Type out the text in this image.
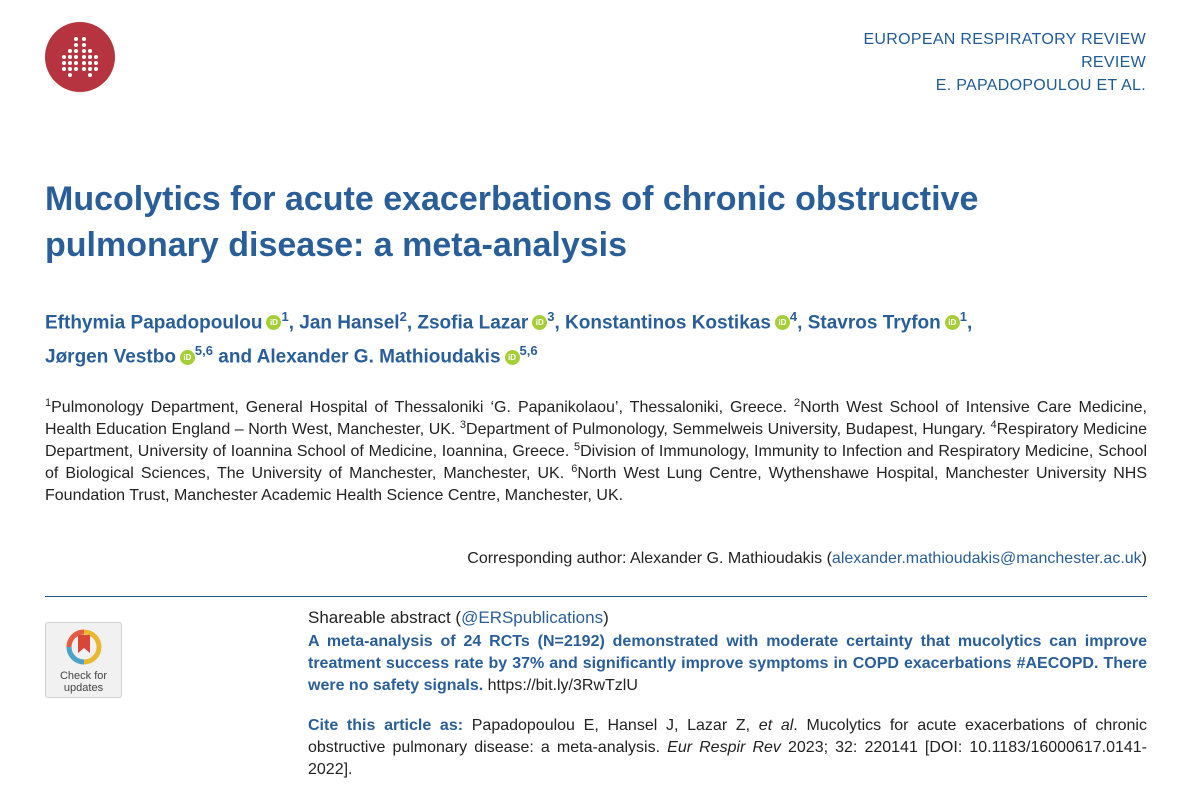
EUROPEAN RESPIRATORY REVIEW
REVIEW
E. PAPADOPOULOU ET AL.
Mucolytics for acute exacerbations of chronic obstructive pulmonary disease: a meta-analysis

Efthymia Papadopoulou iD $^1$, Jan Hansel$^2$, Zsofia Lazar iD $^3$, Konstantinos Kostikas iD $^4$, Stavros Tryfon iD $^1$,
Jørgen Vestbo iD $^{5,6}$ and Alexander G. Mathioudakis iD $^{5,6}$

$^1$Pulmonology Department, General Hospital of Thessaloniki ‘G. Papanikolaou’, Thessaloniki, Greece. $^2$North West School of Intensive Care Medicine, Health Education England – North West, Manchester, UK. $^3$Department of Pulmonology, Semmelweis University, Budapest, Hungary. $^4$Respiratory Medicine Department, University of Ioannina School of Medicine, Ioannina, Greece. $^5$Division of Immunology, Immunity to Infection and Respiratory Medicine, School of Biological Sciences, The University of Manchester, Manchester, UK. $^6$North West Lung Centre, Wythenshawe Hospital, Manchester University NHS Foundation Trust, Manchester Academic Health Science Centre, Manchester, UK.

Corresponding author: Alexander G. Mathioudakis (alexander.mathioudakis@manchester.ac.uk)
Check for
updates

Shareable abstract (@ERSpublications)

A meta-analysis of 24 RCTs (N=2192) demonstrated with moderate certainty that mucolytics can improve treatment success rate by 37% and significantly improve symptoms in COPD exacerbations #AECOPD. There were no safety signals. https://bit.ly/3RwTzlU

Cite this article as: Papadopoulou E, Hansel J, Lazar Z, et al. Mucolytics for acute exacerbations of chronic obstructive pulmonary disease: a meta-analysis. Eur Respir Rev 2023; 32: 220141 [DOI: 10.1183/16000617.0141-2022].
